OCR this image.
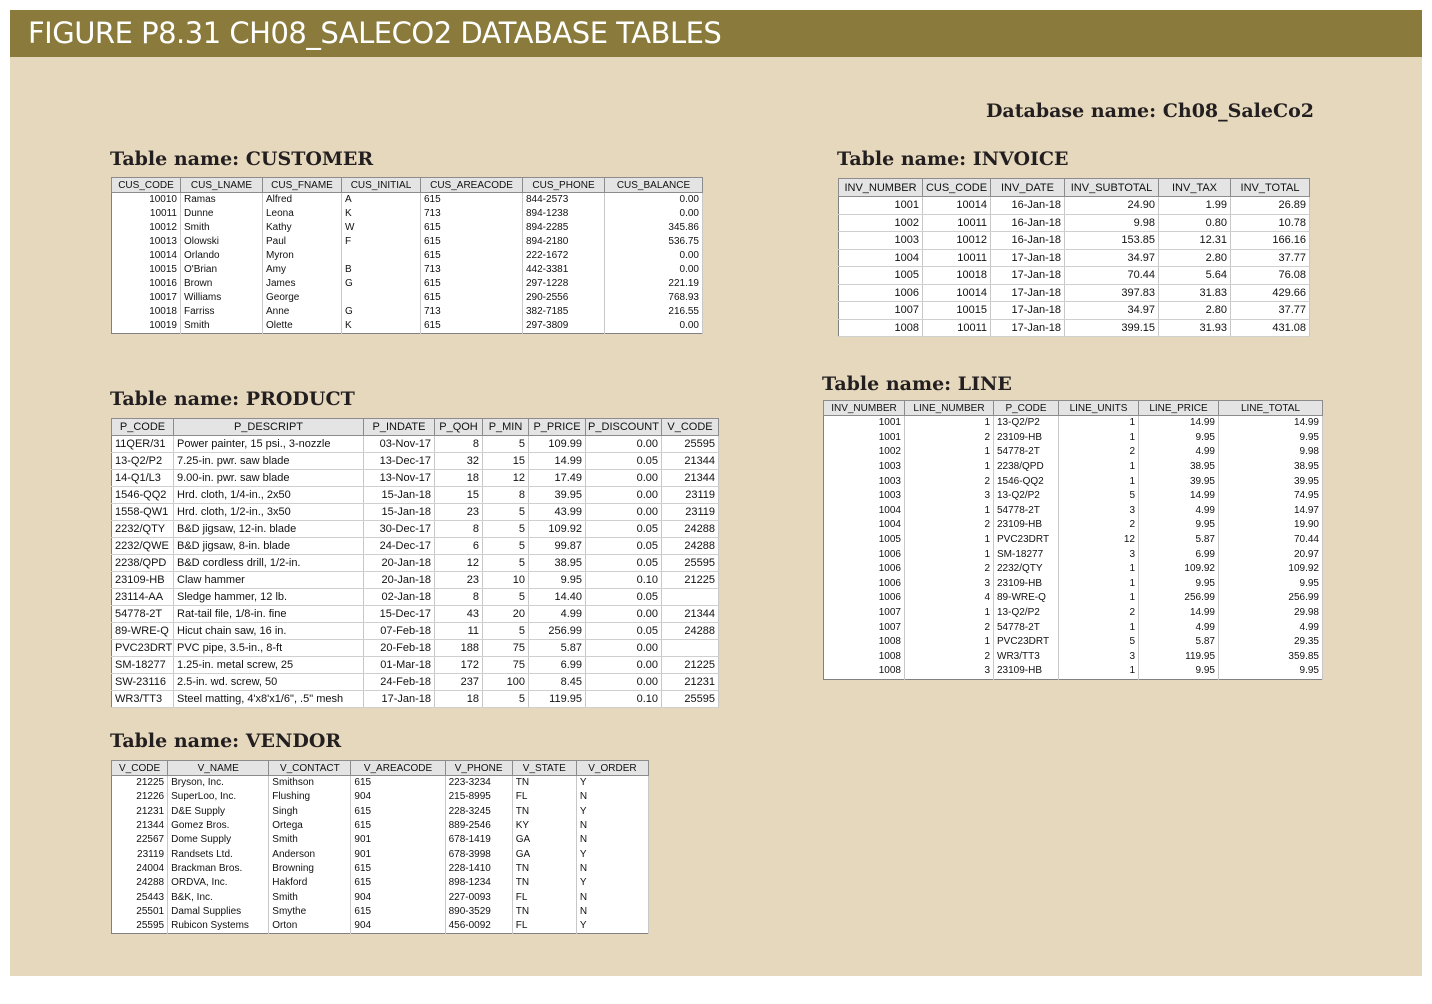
FIGURE P8.31 CH08_SALECO2 DATABASE TABLES
Database name: Ch08_SaleCo2
Table name: CUSTOMER
CUS_CODE	CUS_LNAME	CUS_FNAME	CUS_INITIAL	CUS_AREACODE	CUS_PHONE	CUS_BALANCE
10010	Ramas	Alfred	A	615	844-2573	0.00
10011	Dunne	Leona	K	713	894-1238	0.00
10012	Smith	Kathy	W	615	894-2285	345.86
10013	Olowski	Paul	F	615	894-2180	536.75
10014	Orlando	Myron		615	222-1672	0.00
10015	O'Brian	Amy	B	713	442-3381	0.00
10016	Brown	James	G	615	297-1228	221.19
10017	Williams	George		615	290-2556	768.93
10018	Farriss	Anne	G	713	382-7185	216.55
10019	Smith	Olette	K	615	297-3809	0.00
Table name: INVOICE
INV_NUMBER	CUS_CODE	INV_DATE	INV_SUBTOTAL	INV_TAX	INV_TOTAL
1001	10014	16-Jan-18	24.90	1.99	26.89
1002	10011	16-Jan-18	9.98	0.80	10.78
1003	10012	16-Jan-18	153.85	12.31	166.16
1004	10011	17-Jan-18	34.97	2.80	37.77
1005	10018	17-Jan-18	70.44	5.64	76.08
1006	10014	17-Jan-18	397.83	31.83	429.66
1007	10015	17-Jan-18	34.97	2.80	37.77
1008	10011	17-Jan-18	399.15	31.93	431.08
Table name: PRODUCT
P_CODE	P_DESCRIPT	P_INDATE	P_QOH	P_MIN	P_PRICE	P_DISCOUNT	V_CODE
11QER/31	Power painter, 15 psi., 3-nozzle	03-Nov-17	8	5	109.99	0.00	25595
13-Q2/P2	7.25-in. pwr. saw blade	13-Dec-17	32	15	14.99	0.05	21344
14-Q1/L3	9.00-in. pwr. saw blade	13-Nov-17	18	12	17.49	0.00	21344
1546-QQ2	Hrd. cloth, 1/4-in., 2x50	15-Jan-18	15	8	39.95	0.00	23119
1558-QW1	Hrd. cloth, 1/2-in., 3x50	15-Jan-18	23	5	43.99	0.00	23119
2232/QTY	B&D jigsaw, 12-in. blade	30-Dec-17	8	5	109.92	0.05	24288
2232/QWE	B&D jigsaw, 8-in. blade	24-Dec-17	6	5	99.87	0.05	24288
2238/QPD	B&D cordless drill, 1/2-in.	20-Jan-18	12	5	38.95	0.05	25595
23109-HB	Claw hammer	20-Jan-18	23	10	9.95	0.10	21225
23114-AA	Sledge hammer, 12 lb.	02-Jan-18	8	5	14.40	0.05	
54778-2T	Rat-tail file, 1/8-in. fine	15-Dec-17	43	20	4.99	0.00	21344
89-WRE-Q	Hicut chain saw, 16 in.	07-Feb-18	11	5	256.99	0.05	24288
PVC23DRT	PVC pipe, 3.5-in., 8-ft	20-Feb-18	188	75	5.87	0.00	
SM-18277	1.25-in. metal screw, 25	01-Mar-18	172	75	6.99	0.00	21225
SW-23116	2.5-in. wd. screw, 50	24-Feb-18	237	100	8.45	0.00	21231
WR3/TT3	Steel matting, 4'x8'x1/6", .5" mesh	17-Jan-18	18	5	119.95	0.10	25595
Table name: LINE
INV_NUMBER	LINE_NUMBER	P_CODE	LINE_UNITS	LINE_PRICE	LINE_TOTAL
1001	1	13-Q2/P2	1	14.99	14.99
1001	2	23109-HB	1	9.95	9.95
1002	1	54778-2T	2	4.99	9.98
1003	1	2238/QPD	1	38.95	38.95
1003	2	1546-QQ2	1	39.95	39.95
1003	3	13-Q2/P2	5	14.99	74.95
1004	1	54778-2T	3	4.99	14.97
1004	2	23109-HB	2	9.95	19.90
1005	1	PVC23DRT	12	5.87	70.44
1006	1	SM-18277	3	6.99	20.97
1006	2	2232/QTY	1	109.92	109.92
1006	3	23109-HB	1	9.95	9.95
1006	4	89-WRE-Q	1	256.99	256.99
1007	1	13-Q2/P2	2	14.99	29.98
1007	2	54778-2T	1	4.99	4.99
1008	1	PVC23DRT	5	5.87	29.35
1008	2	WR3/TT3	3	119.95	359.85
1008	3	23109-HB	1	9.95	9.95
Table name: VENDOR
V_CODE	V_NAME	V_CONTACT	V_AREACODE	V_PHONE	V_STATE	V_ORDER
21225	Bryson, Inc.	Smithson	615	223-3234	TN	Y
21226	SuperLoo, Inc.	Flushing	904	215-8995	FL	N
21231	D&E Supply	Singh	615	228-3245	TN	Y
21344	Gomez Bros.	Ortega	615	889-2546	KY	N
22567	Dome Supply	Smith	901	678-1419	GA	N
23119	Randsets Ltd.	Anderson	901	678-3998	GA	Y
24004	Brackman Bros.	Browning	615	228-1410	TN	N
24288	ORDVA, Inc.	Hakford	615	898-1234	TN	Y
25443	B&K, Inc.	Smith	904	227-0093	FL	N
25501	Damal Supplies	Smythe	615	890-3529	TN	N
25595	Rubicon Systems	Orton	904	456-0092	FL	Y
